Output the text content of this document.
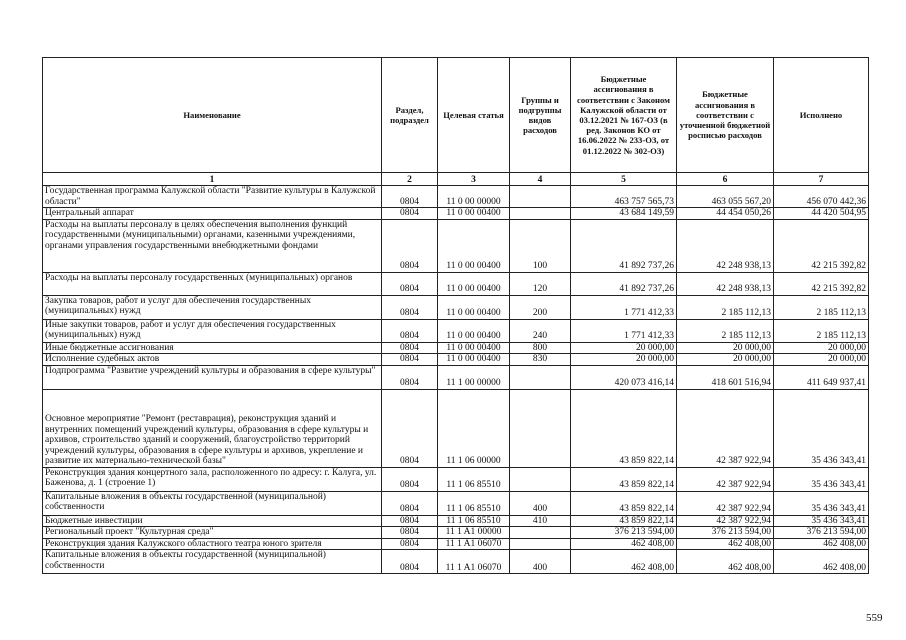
Наименование	Раздел, подраздел	Целевая статья	Группы и подгруппы видов расходов	Бюджетные ассигнования в соответствии с Законом Калужской области от 03.12.2021 № 167-ОЗ (в ред. Законов КО от 16.06.2022 № 233-ОЗ, от 01.12.2022 № 302-ОЗ)	Бюджетные ассигнования в соответствии с уточненной бюджетной росписью расходов	Исполнено
1	2	3	4	5	6	7
Государственная программа Калужской области "Развитие культуры в Калужской области"	0804	11 0 00 00000		463 757 565,73	463 055 567,20	456 070 442,36
Центральный аппарат	0804	11 0 00 00400		43 684 149,59	44 454 050,26	44 420 504,95
Расходы на выплаты персоналу в целях обеспечения выполнения функций государственными (муниципальными) органами, казенными учреждениями, органами управления государственными внебюджетными фондами	0804	11 0 00 00400	100	41 892 737,26	42 248 938,13	42 215 392,82
Расходы на выплаты персоналу государственных (муниципальных) органов	0804	11 0 00 00400	120	41 892 737,26	42 248 938,13	42 215 392,82
Закупка товаров, работ и услуг для обеспечения государственных (муниципальных) нужд	0804	11 0 00 00400	200	1 771 412,33	2 185 112,13	2 185 112,13
Иные закупки товаров, работ и услуг для обеспечения государственных (муниципальных) нужд	0804	11 0 00 00400	240	1 771 412,33	2 185 112,13	2 185 112,13
Иные бюджетные ассигнования	0804	11 0 00 00400	800	20 000,00	20 000,00	20 000,00
Исполнение судебных актов	0804	11 0 00 00400	830	20 000,00	20 000,00	20 000,00
Подпрограмма "Развитие учреждений культуры и образования в сфере культуры"	0804	11 1 00 00000		420 073 416,14	418 601 516,94	411 649 937,41
Основное мероприятие "Ремонт (реставрация), реконструкция зданий и внутренних помещений учреждений культуры, образования в сфере культуры и архивов, строительство зданий и сооружений, благоустройство территорий учреждений культуры, образования в сфере культуры и архивов, укрепление и развитие их материально-технической базы"	0804	11 1 06 00000		43 859 822,14	42 387 922,94	35 436 343,41
Реконструкция здания концертного зала, расположенного по адресу: г. Калуга, ул. Баженова, д. 1 (строение 1)	0804	11 1 06 85510		43 859 822,14	42 387 922,94	35 436 343,41
Капитальные вложения в объекты государственной (муниципальной) собственности	0804	11 1 06 85510	400	43 859 822,14	42 387 922,94	35 436 343,41
Бюджетные инвестиции	0804	11 1 06 85510	410	43 859 822,14	42 387 922,94	35 436 343,41
Региональный проект "Культурная среда"	0804	11 1 A1 00000		376 213 594,00	376 213 594,00	376 213 594,00
Реконструкция здания Калужского областного театра юного зрителя	0804	11 1 A1 06070		462 408,00	462 408,00	462 408,00
Капитальные вложения в объекты государственной (муниципальной) собственности	0804	11 1 A1 06070	400	462 408,00	462 408,00	462 408,00
559
